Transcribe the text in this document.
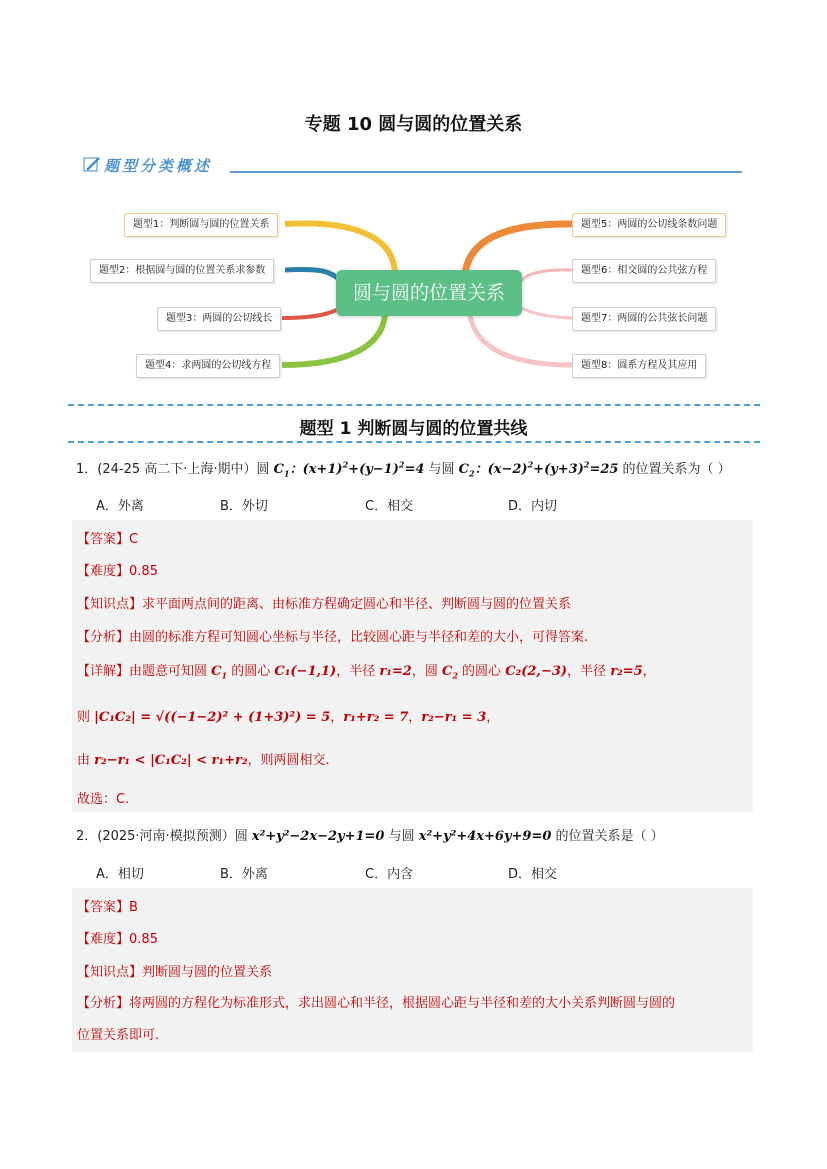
专题 10 圆与圆的位置关系
题型分类概述
题型1：判断圆与圆的位置关系
题型2：根据圆与圆的位置关系求参数
题型3：两圆的公切线长
题型4：求两圆的公切线方程
题型5：两圆的公切线条数问题
题型6：相交圆的公共弦方程
题型7：两圆的公共弦长问题
题型8：圆系方程及其应用
圆与圆的位置关系
题型 1 判断圆与圆的位置共线
1．(24-25 高二下·上海·期中）圆 $C_1$：$(x+1)^2+(y-1)^2=4$ 与圆 $C_2$：$(x-2)^2+(y+3)^2=25$ 的位置关系为（ ）
A．外离	B．外切	C．相交	D．内切
【答案】C
【难度】0.85
【知识点】求平面两点间的距离、由标准方程确定圆心和半径、判断圆与圆的位置关系
【分析】由圆的标准方程可知圆心坐标与半径，比较圆心距与半径和差的大小，可得答案.
【详解】由题意可知圆 $C_1$ 的圆心 C₁(−1,1)，半径 r₁=2，圆 $C_2$ 的圆心 C₂(2,−3)，半径 r₂=5，
则 |C₁C₂| = √((−1−2)² + (1+3)²) = 5，r₁+r₂ = 7，r₂−r₁ = 3，
由 r₂−r₁ < |C₁C₂| < r₁+r₂，则两圆相交.
故选：C.
2．(2025·河南·模拟预测）圆 x²+y²−2x−2y+1=0 与圆 x²+y²+4x+6y+9=0 的位置关系是（ ）
A．相切	B．外离	C．内含	D．相交
【答案】B
【难度】0.85
【知识点】判断圆与圆的位置关系
【分析】将两圆的方程化为标准形式，求出圆心和半径，根据圆心距与半径和差的大小关系判断圆与圆的
位置关系即可.
